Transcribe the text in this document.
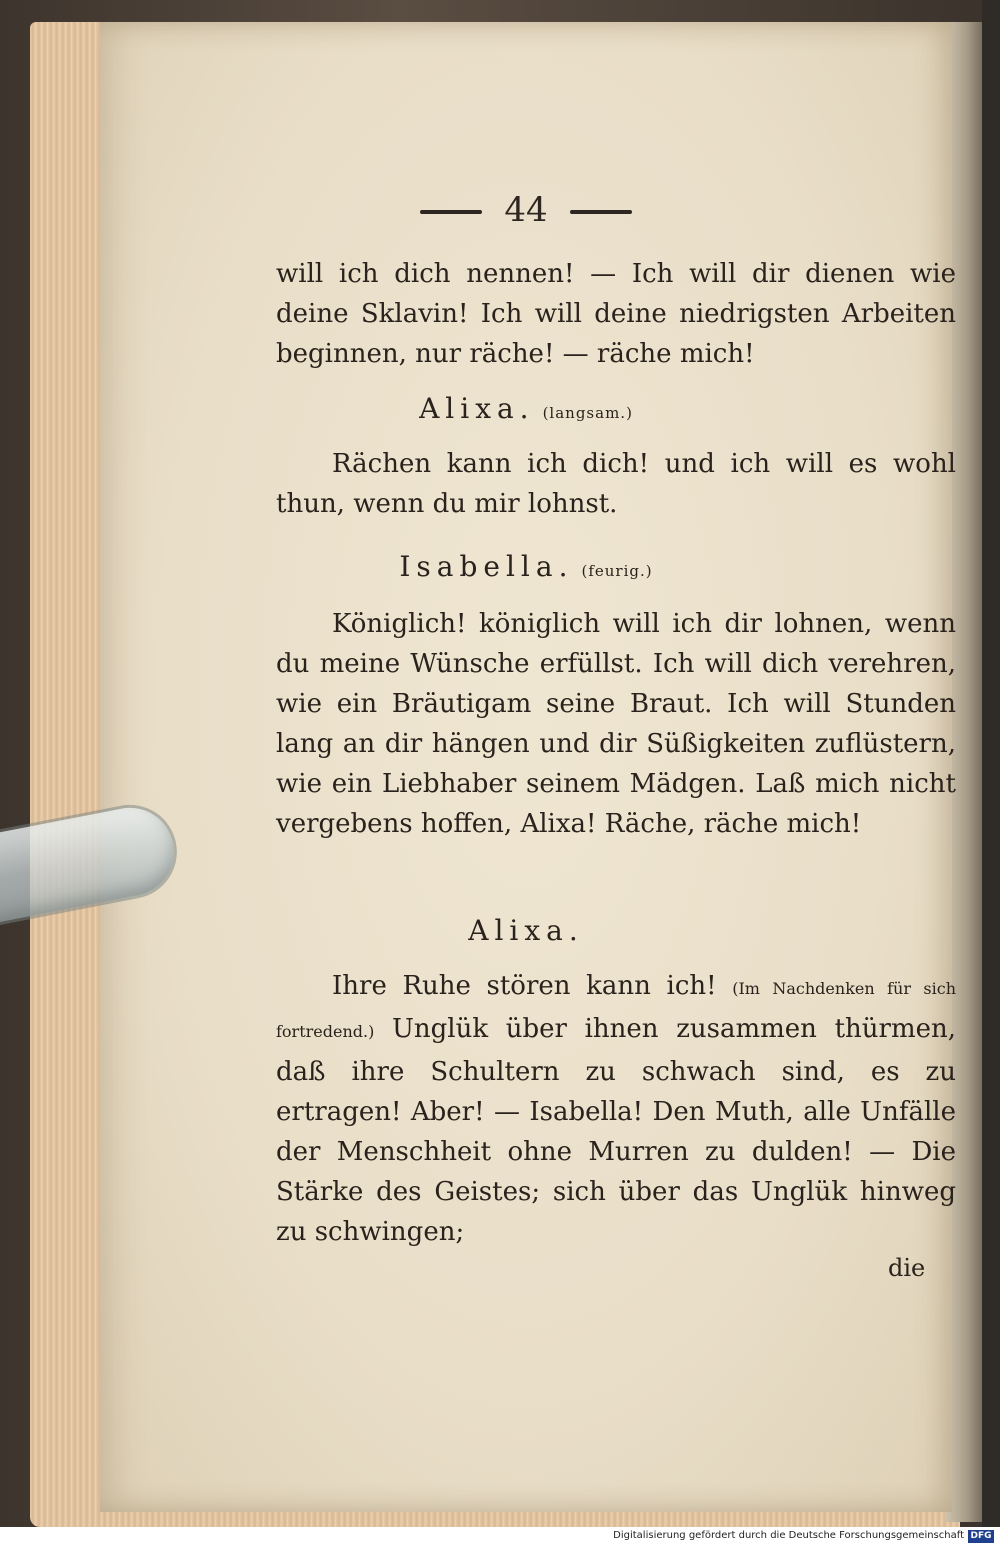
44
will ich dich nennen! — Ich will dir dienen wie deine Sklavin! Ich will deine niedrigsten Arbeiten beginnen, nur räche! — räche mich!
Alixa. (langsam.)
Rächen kann ich dich! und ich will es wohl thun, wenn du mir lohnst.
Isabella. (feurig.)
Königlich! königlich will ich dir lohnen, wenn du meine Wünsche erfüllst. Ich will dich verehren, wie ein Bräutigam seine Braut. Ich will Stunden lang an dir hängen und dir Süßigkeiten zuflüstern, wie ein Liebhaber seinem Mädgen. Laß mich nicht vergebens hoffen, Alixa! Räche, räche mich!
Alixa.
Ihre Ruhe stören kann ich! (Im Nachdenken für sich fortredend.) Unglük über ihnen zusammen thürmen, daß ihre Schultern zu schwach sind, es zu ertragen! Aber! — Isabella! Den Muth, alle Unfälle der Menschheit ohne Murren zu dulden! — Die Stärke des Geistes; sich über das Unglük hinweg zu schwingen;
die
Digitalisierung gefördert durch die Deutsche Forschungsgemeinschaft DFG
